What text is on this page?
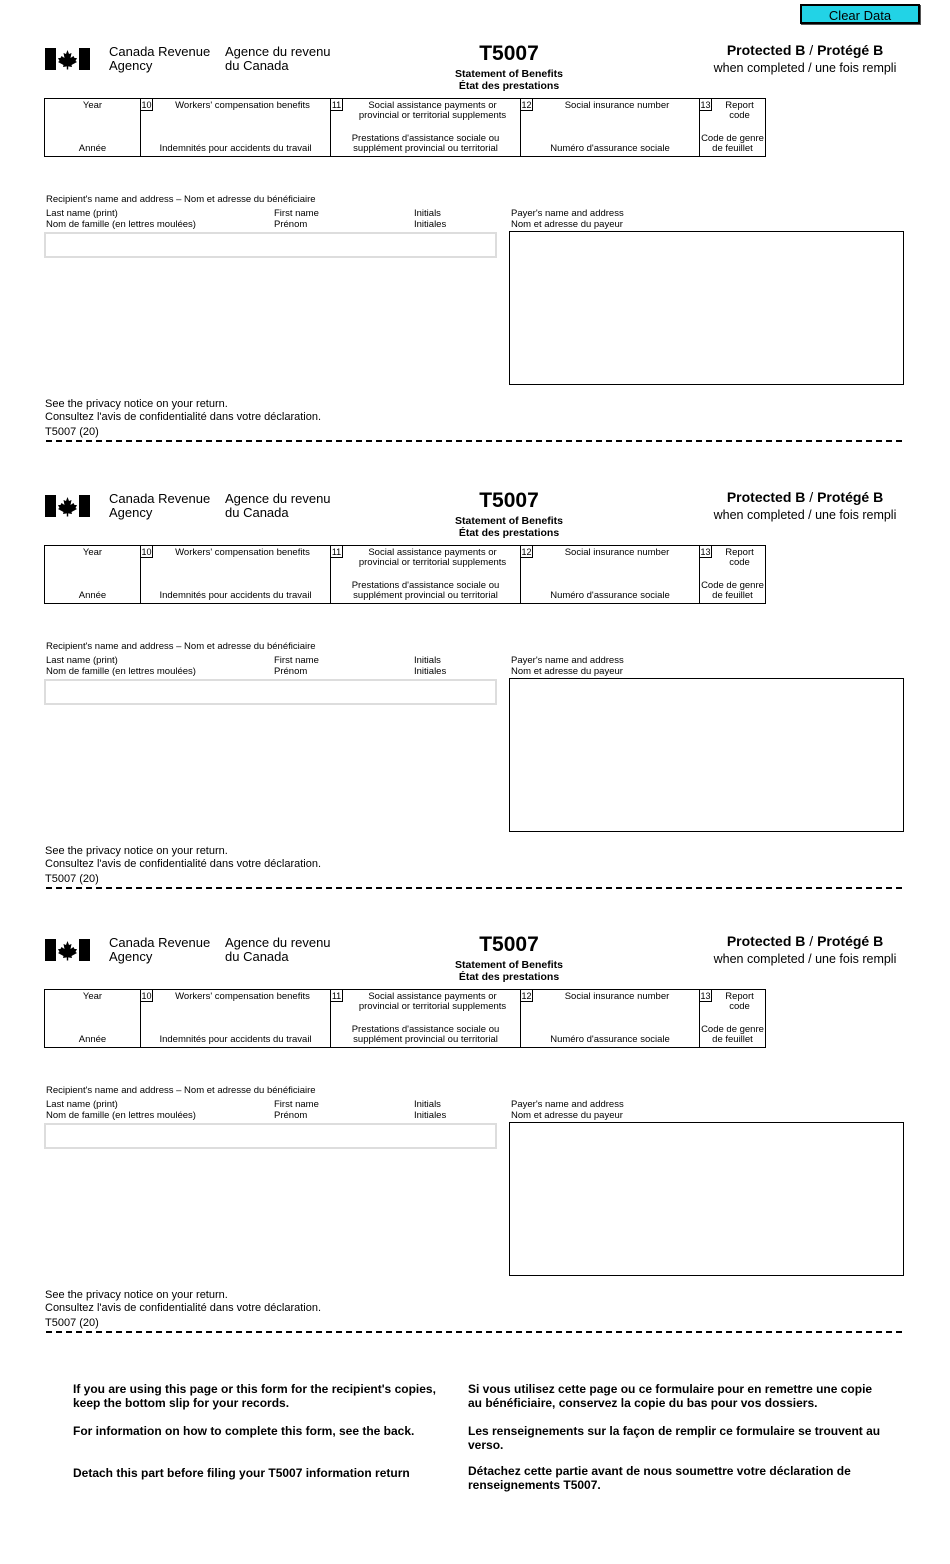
Clear Data
Canada Revenue
Agency
Agence du revenu
du Canada
T5007
Statement of Benefits
État des prestations
Protected B / Protégé B
when completed / une fois rempli
Year
Année
10	Workers' compensation benefits
Indemnités pour accidents du travail
11	Social assistance payments or provincial or territorial supplements
Prestations d'assistance sociale ou supplément provincial ou territorial
12	Social insurance number
Numéro d'assurance sociale
13	Report code
Code de genre de feuillet
Recipient's name and address – Nom et adresse du bénéficiaire
Last name (print)
Nom de famille (en lettres moulées)
First name
Prénom
Initials
Initiales
Payer's name and address
Nom et adresse du payeur
See the privacy notice on your return.
Consultez l'avis de confidentialité dans votre déclaration.
T5007 (20)
Canada Revenue
Agency
Agence du revenu
du Canada
T5007
Statement of Benefits
État des prestations
Protected B / Protégé B
when completed / une fois rempli
Year
Année
10	Workers' compensation benefits
Indemnités pour accidents du travail
11	Social assistance payments or provincial or territorial supplements
Prestations d'assistance sociale ou supplément provincial ou territorial
12	Social insurance number
Numéro d'assurance sociale
13	Report code
Code de genre de feuillet
Recipient's name and address – Nom et adresse du bénéficiaire
Last name (print)
Nom de famille (en lettres moulées)
First name
Prénom
Initials
Initiales
Payer's name and address
Nom et adresse du payeur
See the privacy notice on your return.
Consultez l'avis de confidentialité dans votre déclaration.
T5007 (20)
Canada Revenue
Agency
Agence du revenu
du Canada
T5007
Statement of Benefits
État des prestations
Protected B / Protégé B
when completed / une fois rempli
Year
Année
10	Workers' compensation benefits
Indemnités pour accidents du travail
11	Social assistance payments or provincial or territorial supplements
Prestations d'assistance sociale ou supplément provincial ou territorial
12	Social insurance number
Numéro d'assurance sociale
13	Report code
Code de genre de feuillet
Recipient's name and address – Nom et adresse du bénéficiaire
Last name (print)
Nom de famille (en lettres moulées)
First name
Prénom
Initials
Initiales
Payer's name and address
Nom et adresse du payeur
See the privacy notice on your return.
Consultez l'avis de confidentialité dans votre déclaration.
T5007 (20)
If you are using this page or this form for the recipient's copies, keep the bottom slip for your records.
For information on how to complete this form, see the back.
Detach this part before filing your T5007 information return
Si vous utilisez cette page ou ce formulaire pour en remettre une copie au bénéficiaire, conservez la copie du bas pour vos dossiers.
Les renseignements sur la façon de remplir ce formulaire se trouvent au verso.
Détachez cette partie avant de nous soumettre votre déclaration de renseignements T5007.
